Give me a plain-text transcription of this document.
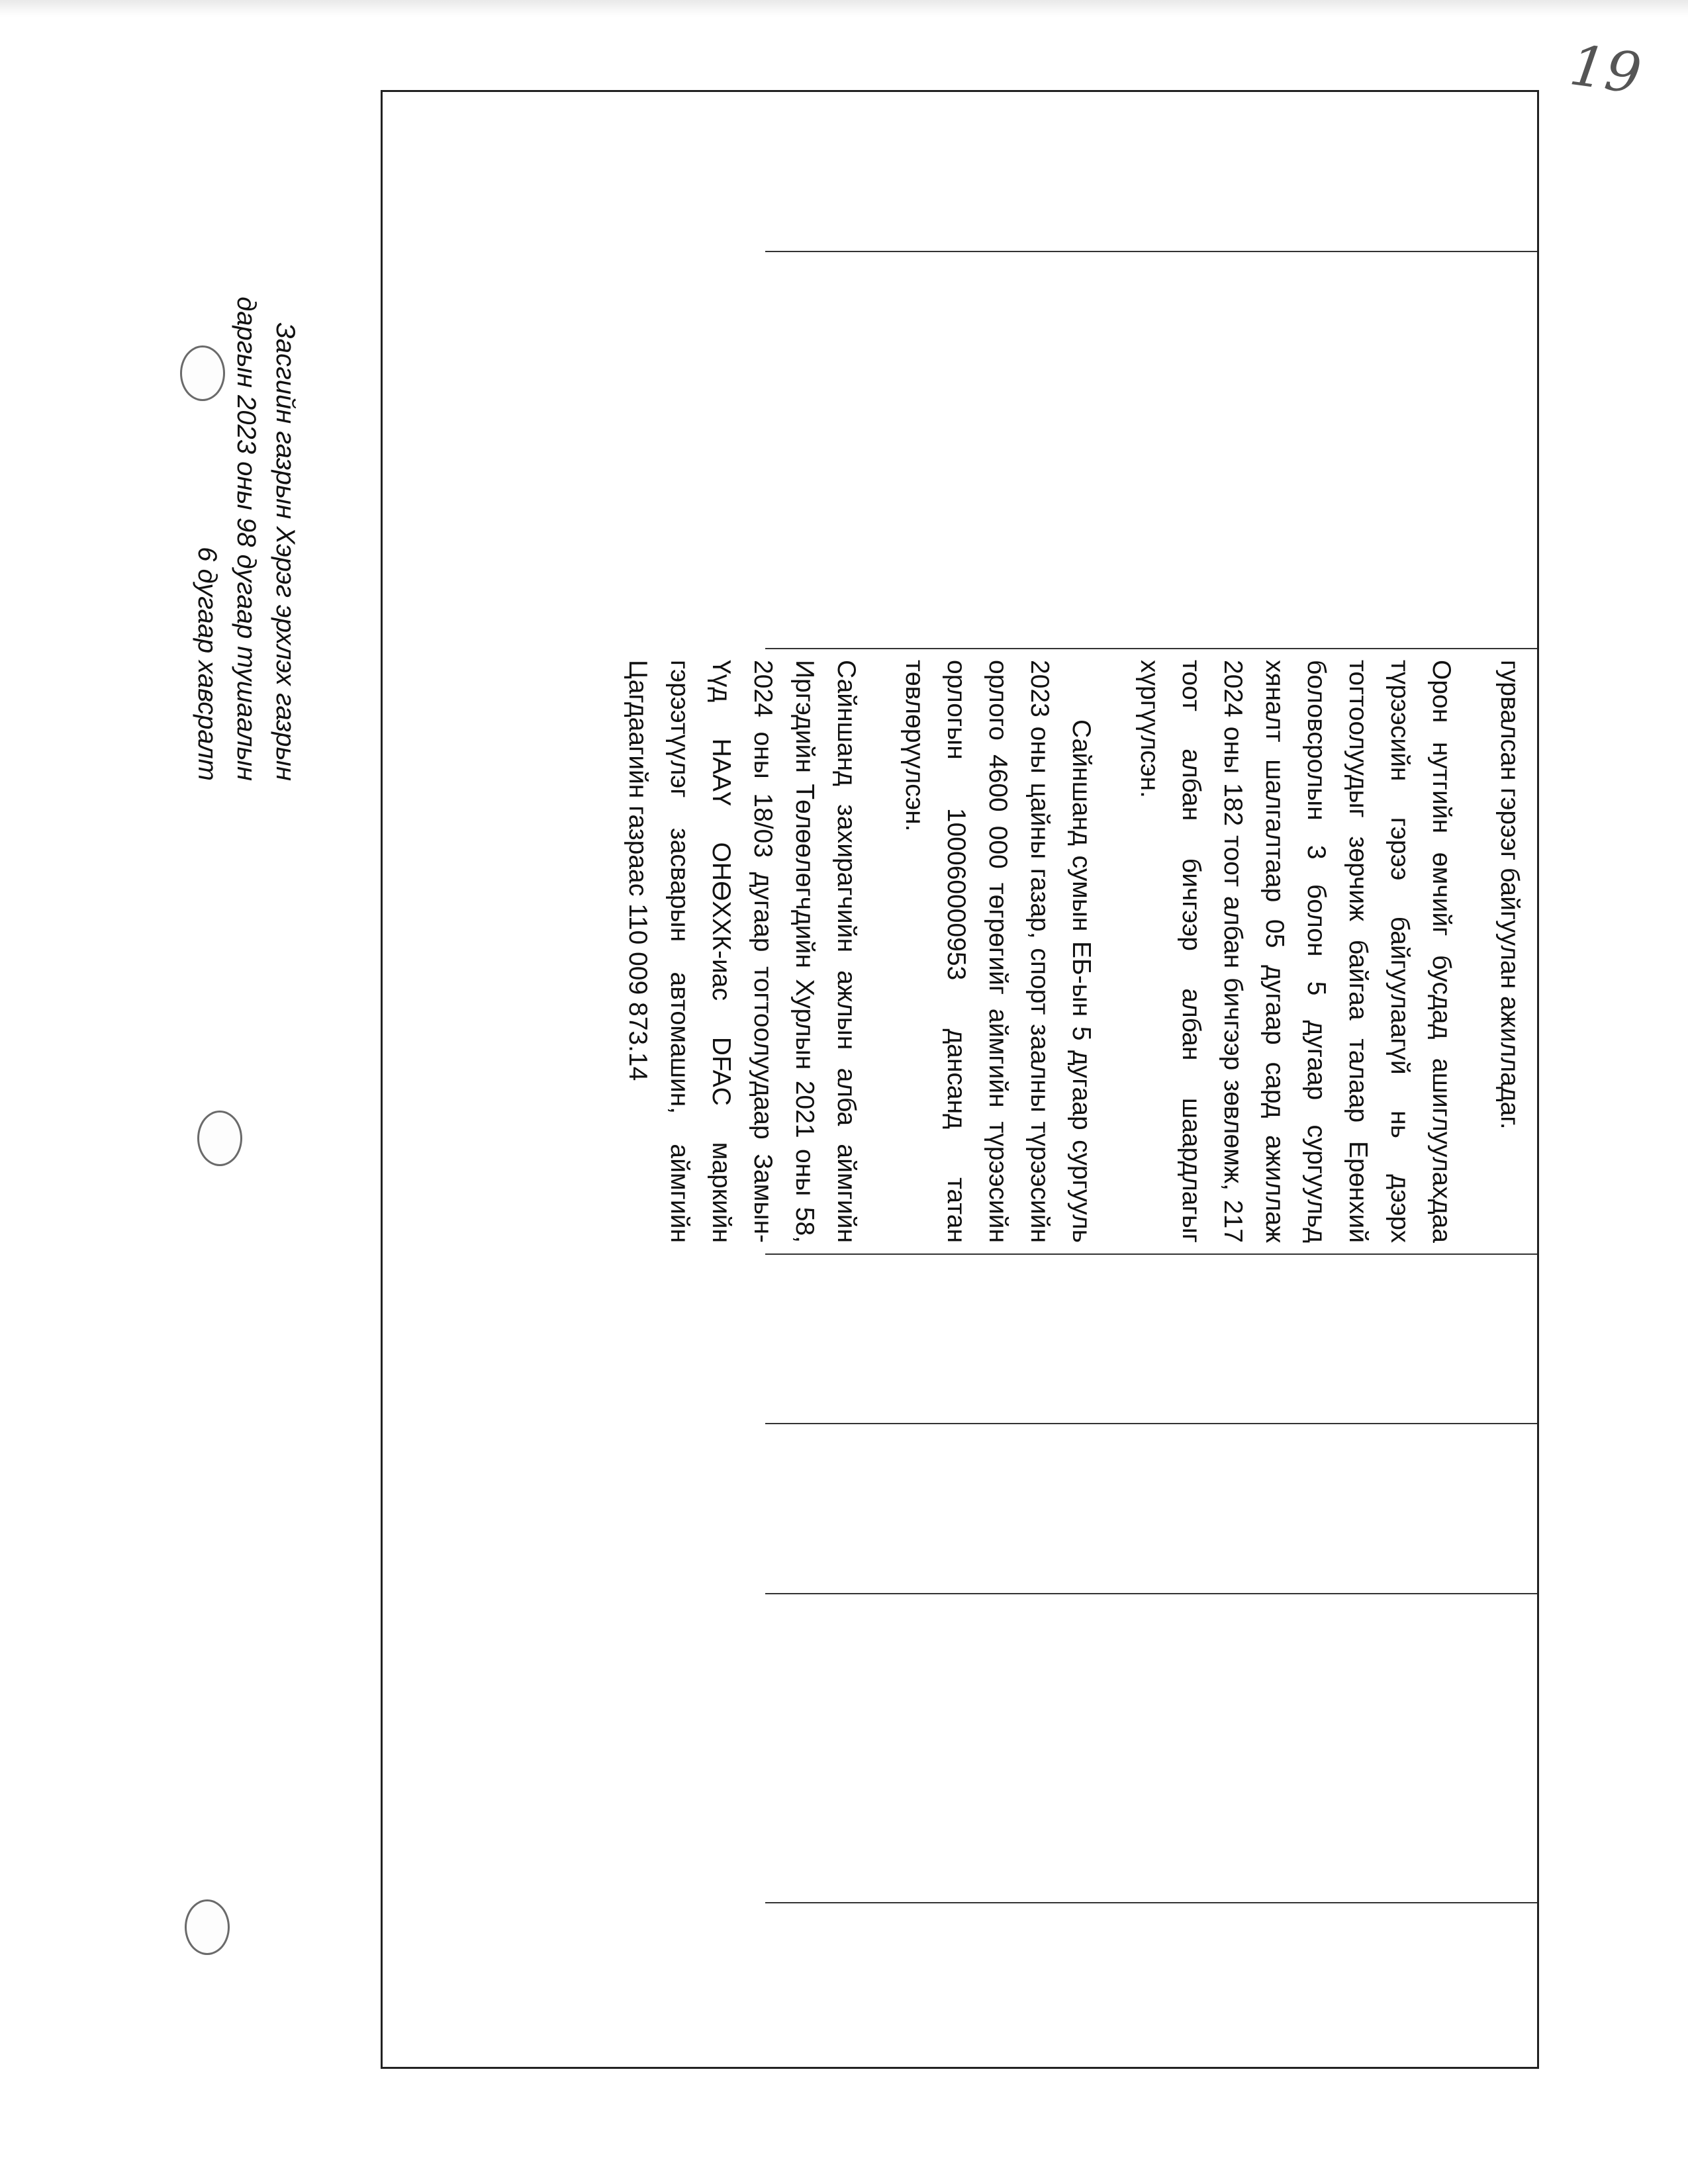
19
Засгийн газрын Хэрэг эрхлэх газрын
даргын 2023 оны 98 дугаар тушаалын
6 дугаар хавсралт	гурвалсан гэрээг байгуулан ажилладаг.

Орон нутгийн өмчийг бусдад ашиглуулахдаа түрээсийн гэрээ байгуулаагүй нь дээрх тогтоолуудыг зөрчиж байгаа талаар Ерөнхий боловсролын 3 болон 5 дугаар сургуульд хяналт шалгалтаар 05 дугаар сард ажиллаж 2024 оны 182 тоот албан бичгээр зөвлөмж, 217 тоот албан бичгээр албан шаардлагыг хүргүүлсэн.

Сайншанд сумын ЕБ-ын 5 дугаар сургууль 2023 оны цайны газар, спорт заалны түрээсийн орлого 4600 000 төгрөгийг аймгийн түрээсийн орлогын 100060000953 дансанд татан төвлөрүүлсэн.

Сайншанд захирагчийн ажлын алба аймгийн Иргэдийн Төлөөлөгчдийн Хурлын 2021 оны 58, 2024 оны 18/03 дугаар тогтоолуудаар Замын-Үүд НААҮ ОНӨХХК-иас DFAC маркийн гэрээтүүлэг засварын автомашин, аймгийн Цагдаагийн газраас 110 009 873.14
